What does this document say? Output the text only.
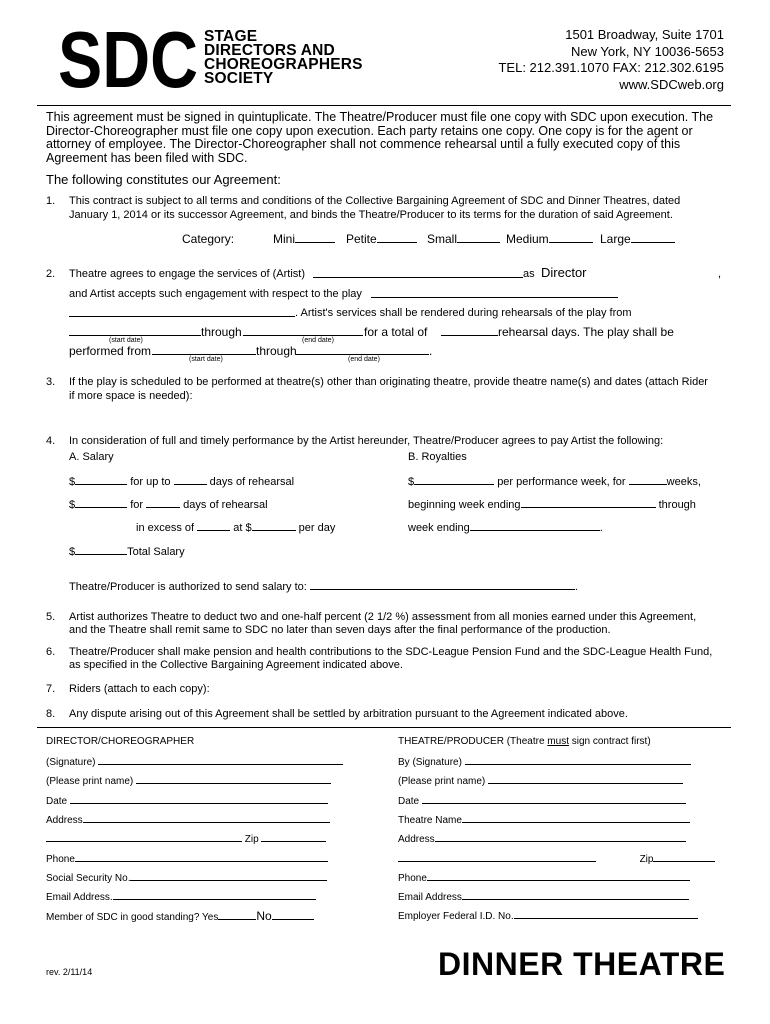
SDC STAGE
DIRECTORS AND
CHOREOGRAPHERS
SOCIETY
1501 Broadway, Suite 1701
New York, NY 10036-5653
TEL: 212.391.1070 FAX: 212.302.6195
www.SDCweb.org
This agreement must be signed in quintuplicate. The Theatre/Producer must file one copy with SDC upon execution. The Director-Choreographer must file one copy upon execution. Each party retains one copy. One copy is for the agent or attorney of employee. The Director-Choreographer shall not commence rehearsal until a fully executed copy of this Agreement has been filed with SDC.
The following constitutes our Agreement:
1. This contract is subject to all terms and conditions of the Collective Bargaining Agreement of SDC and Dinner Theatres, dated
January 1, 2014 or its successor Agreement, and binds the Theatre/Producer to its terms for the duration of said Agreement.
Category:	Mini	Petite	Small	Medium	Large
2. Theatre agrees to engage the services of (Artist)	as Director	,
and Artist accepts such engagement with respect to the play
. Artist's services shall be rendered during rehearsals of the play from
through	for a total of	rehearsal days. The play shall be
(start date)	(end date)
performed from	through	.
(start date)	(end date)
3. If the play is scheduled to be performed at theatre(s) other than originating theatre, provide theatre name(s) and dates (attach Rider
if more space is needed):
4. In consideration of full and timely performance by the Artist hereunder, Theatre/Producer agrees to pay Artist the following:
A. Salary	B. Royalties
$	for up to	days of rehearsal
$	for	days of rehearsal
in excess of	at $	per day
$	Total Salary
$	per performance week, for	weeks,
beginning week ending	through
week ending	.
Theatre/Producer is authorized to send salary to:	.
5. Artist authorizes Theatre to deduct two and one-half percent (2 1/2 %) assessment from all monies earned under this Agreement,
and the Theatre shall remit same to SDC no later than seven days after the final performance of the production.
6. Theatre/Producer shall make pension and health contributions to the SDC-League Pension Fund and the SDC-League Health Fund,
as specified in the Collective Bargaining Agreement indicated above.
7. Riders (attach to each copy):
8. Any dispute arising out of this Agreement shall be settled by arbitration pursuant to the Agreement indicated above.
DIRECTOR/CHOREOGRAPHER
(Signature)
(Please print name)
Date
Address
Zip
Phone
Social Security No.
Email Address.
Member of SDC in good standing? Yes	No
THEATRE/PRODUCER (Theatre must sign contract first)
By (Signature)
(Please print name)
Date
Theatre Name
Address
Zip
Phone
Email Address
Employer Federal I.D. No.
rev. 2/11/14	DINNER THEATRE
